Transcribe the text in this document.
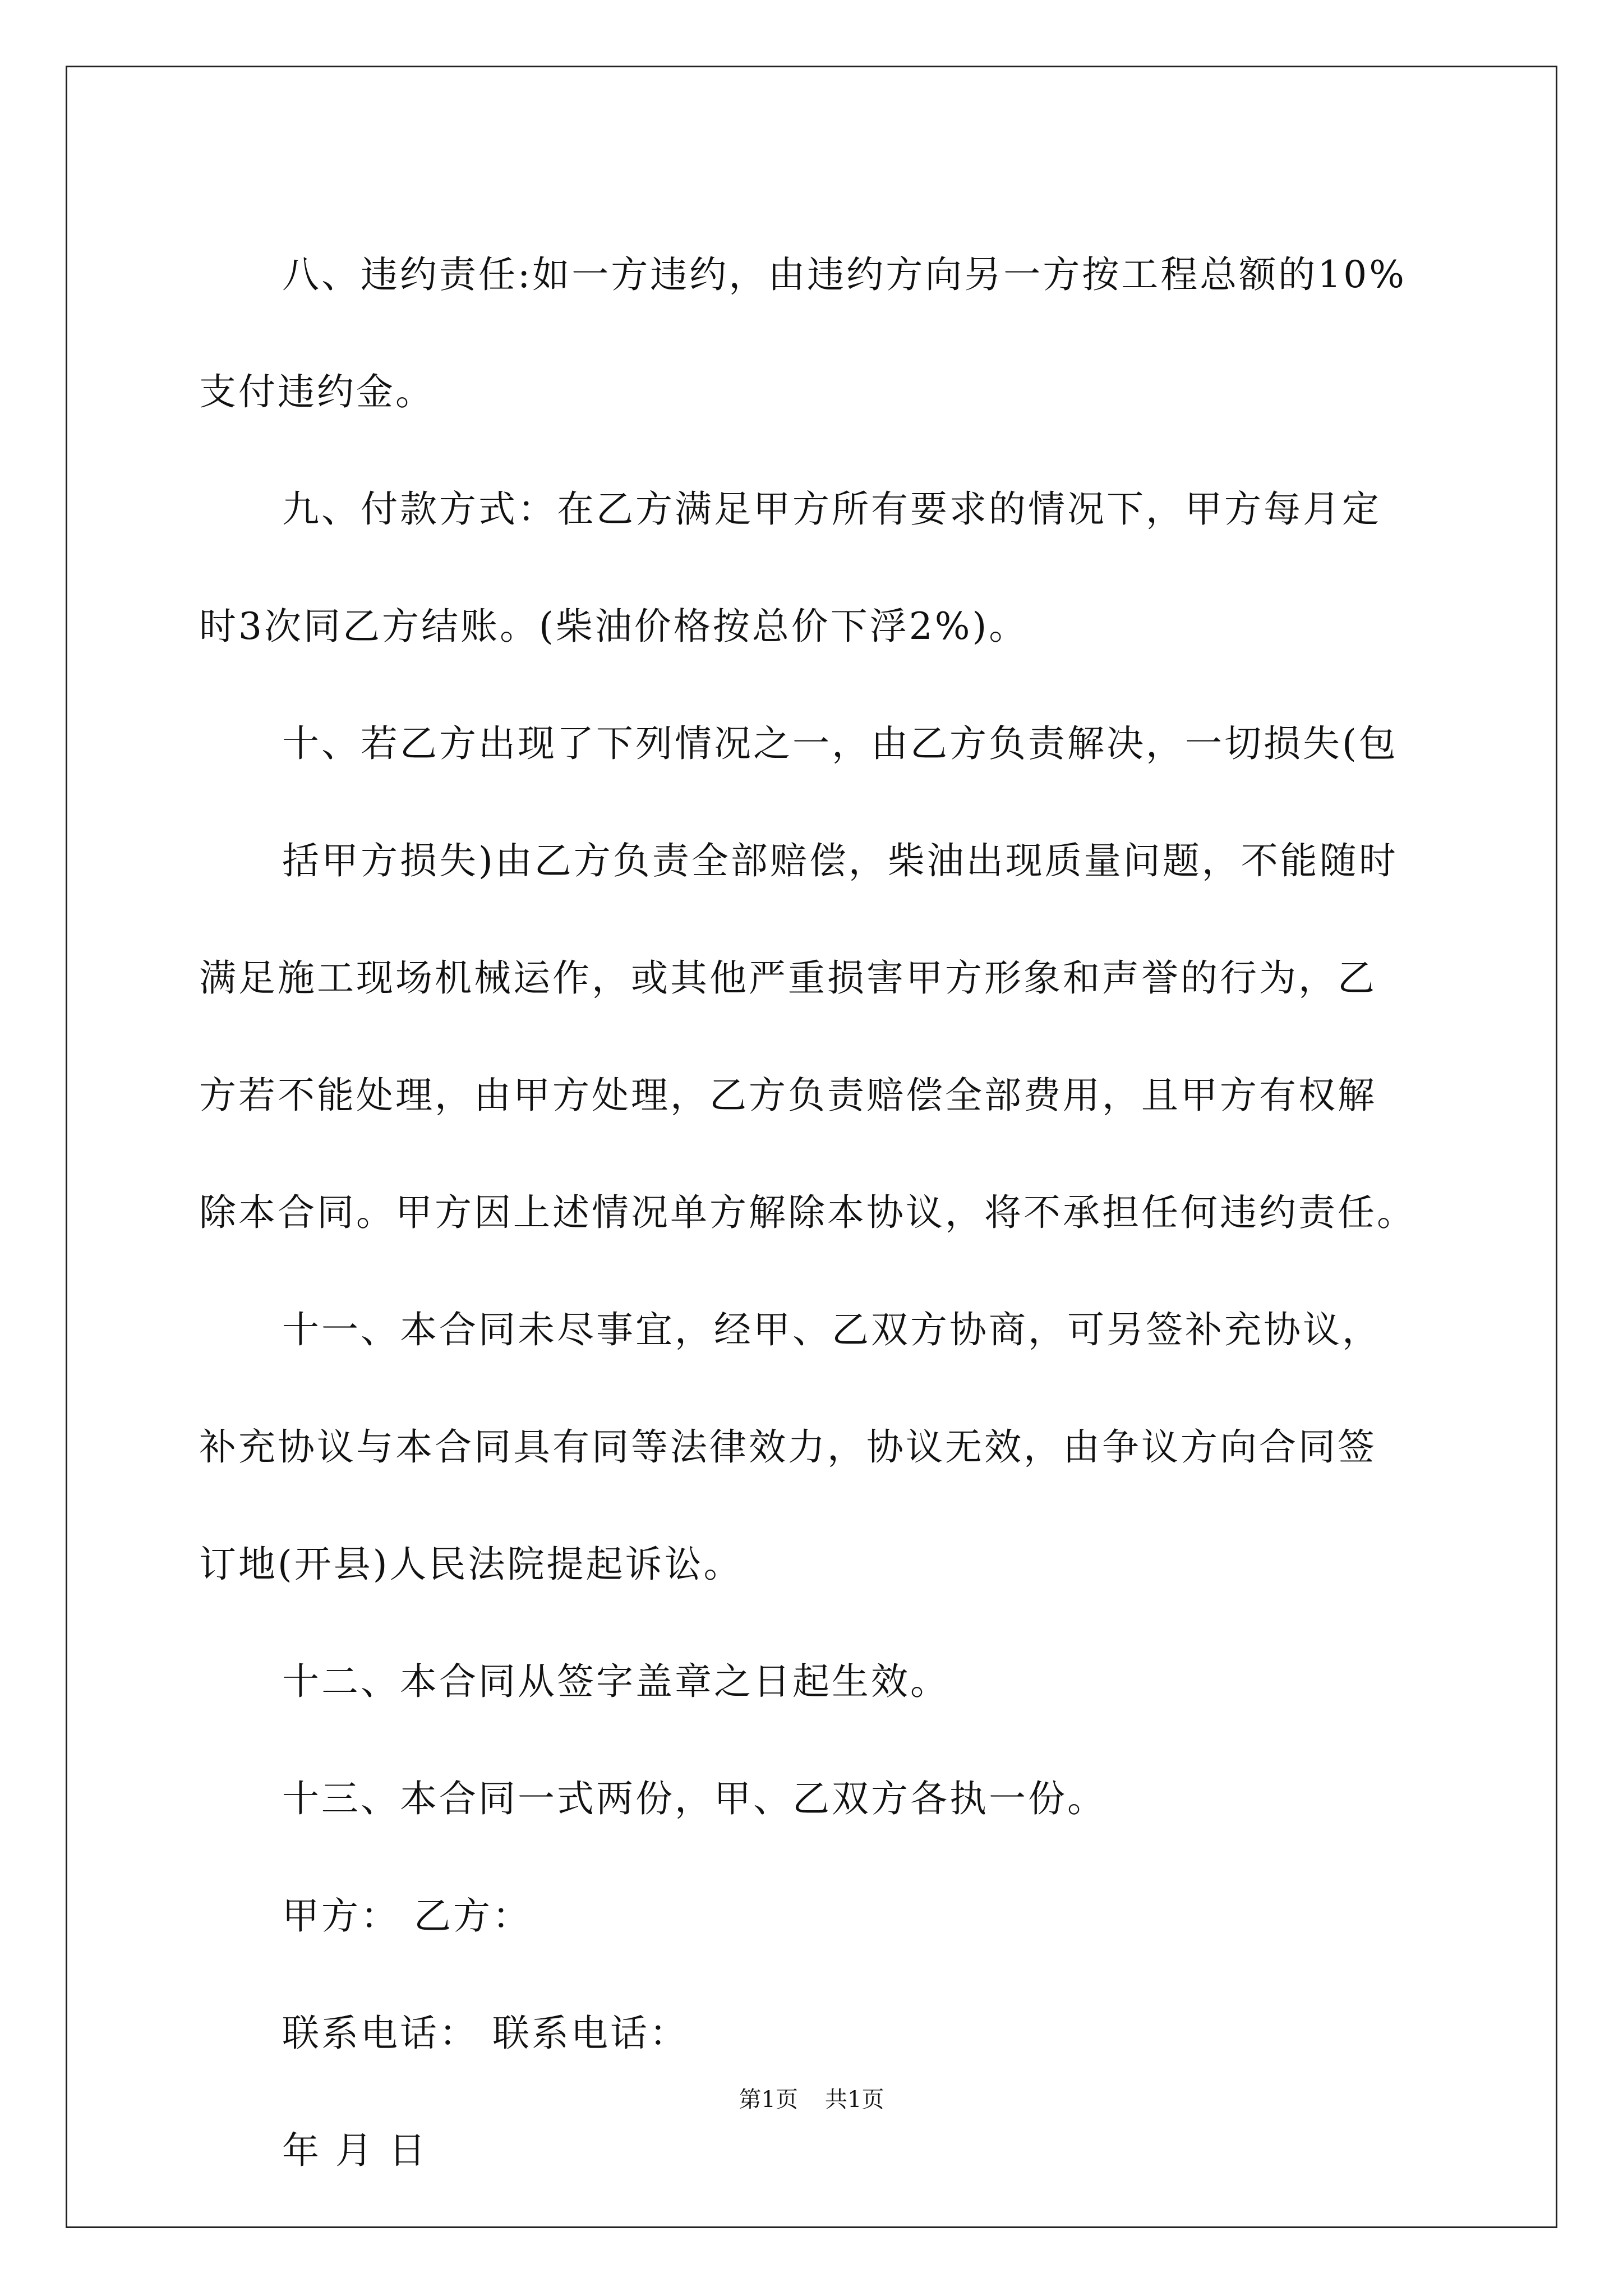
八、违约责任:如一方违约，由违约方向另一方按工程总额的10%

支付违约金。

九、付款方式：在乙方满足甲方所有要求的情况下，甲方每月定

时3次同乙方结账。(柴油价格按总价下浮2%)。

十、若乙方出现了下列情况之一，由乙方负责解决，一切损失(包

括甲方损失)由乙方负责全部赔偿，柴油出现质量问题，不能随时

满足施工现场机械运作，或其他严重损害甲方形象和声誉的行为，乙

方若不能处理，由甲方处理，乙方负责赔偿全部费用，且甲方有权解

除本合同。甲方因上述情况单方解除本协议，将不承担任何违约责任。

十一、本合同未尽事宜，经甲、乙双方协商，可另签补充协议，

补充协议与本合同具有同等法律效力，协议无效，由争议方向合同签

订地(开县)人民法院提起诉讼。

十二、本合同从签字盖章之日起生效。

十三、本合同一式两份，甲、乙双方各执一份。

甲方： 乙方：

联系电话： 联系电话：

年 月 日

第1页 共1页
